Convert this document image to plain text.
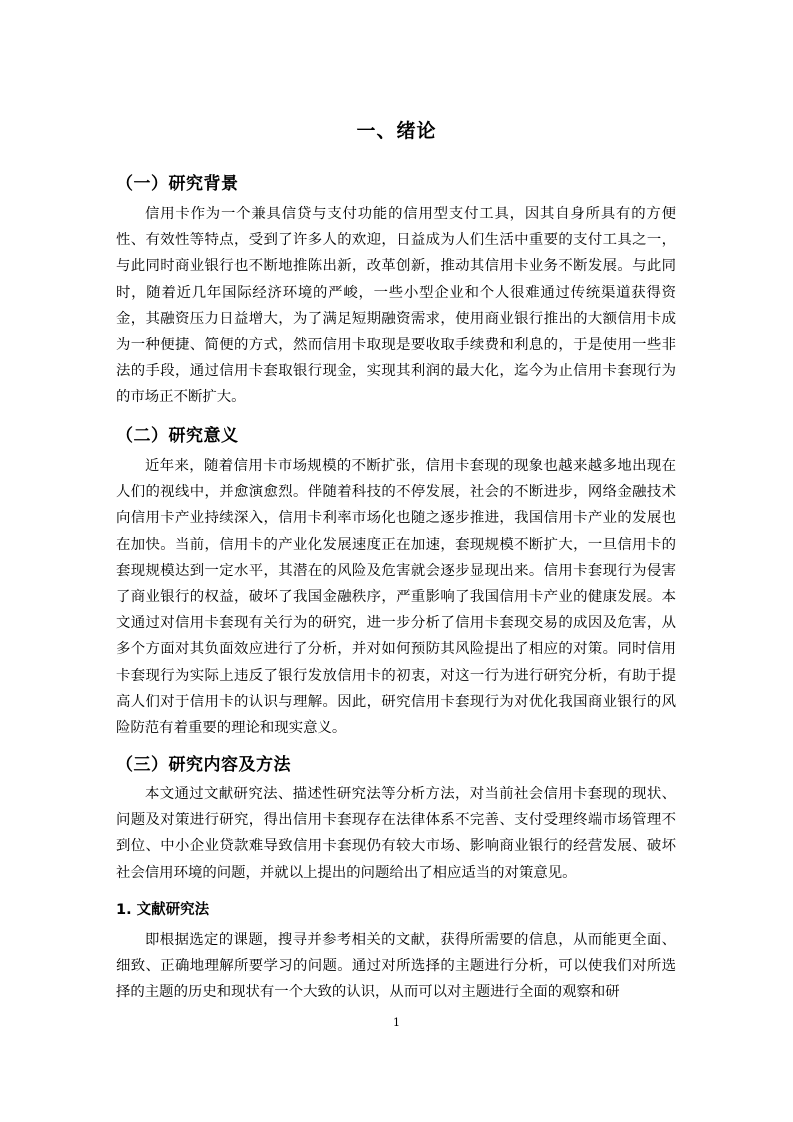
一、绪论
（一）研究背景

信用卡作为一个兼具信贷与支付功能的信用型支付工具，因其自身所具有的方便性、有效性等特点，受到了许多人的欢迎，日益成为人们生活中重要的支付工具之一，与此同时商业银行也不断地推陈出新，改革创新，推动其信用卡业务不断发展。与此同时，随着近几年国际经济环境的严峻，一些小型企业和个人很难通过传统渠道获得资金，其融资压力日益增大，为了满足短期融资需求，使用商业银行推出的大额信用卡成为一种便捷、简便的方式，然而信用卡取现是要收取手续费和利息的，于是使用一些非法的手段，通过信用卡套取银行现金，实现其利润的最大化，迄今为止信用卡套现行为的市场正不断扩大。

（二）研究意义

近年来，随着信用卡市场规模的不断扩张，信用卡套现的现象也越来越多地出现在人们的视线中，并愈演愈烈。伴随着科技的不停发展，社会的不断进步，网络金融技术向信用卡产业持续深入，信用卡利率市场化也随之逐步推进，我国信用卡产业的发展也在加快。当前，信用卡的产业化发展速度正在加速，套现规模不断扩大，一旦信用卡的套现规模达到一定水平，其潜在的风险及危害就会逐步显现出来。信用卡套现行为侵害了商业银行的权益，破坏了我国金融秩序，严重影响了我国信用卡产业的健康发展。本文通过对信用卡套现有关行为的研究，进一步分析了信用卡套现交易的成因及危害，从多个方面对其负面效应进行了分析，并对如何预防其风险提出了相应的对策。同时信用卡套现行为实际上违反了银行发放信用卡的初衷，对这一行为进行研究分析，有助于提高人们对于信用卡的认识与理解。因此，研究信用卡套现行为对优化我国商业银行的风险防范有着重要的理论和现实意义。

（三）研究内容及方法

本文通过文献研究法、描述性研究法等分析方法，对当前社会信用卡套现的现状、问题及对策进行研究，得出信用卡套现存在法律体系不完善、支付受理终端市场管理不到位、中小企业贷款难导致信用卡套现仍有较大市场、影响商业银行的经营发展、破坏社会信用环境的问题，并就以上提出的问题给出了相应适当的对策意见。

1. 文献研究法

即根据选定的课题，搜寻并参考相关的文献，获得所需要的信息，从而能更全面、细致、正确地理解所要学习的问题。通过对所选择的主题进行分析，可以使我们对所选择的主题的历史和现状有一个大致的认识，从而可以对主题进行全面的观察和研

1
